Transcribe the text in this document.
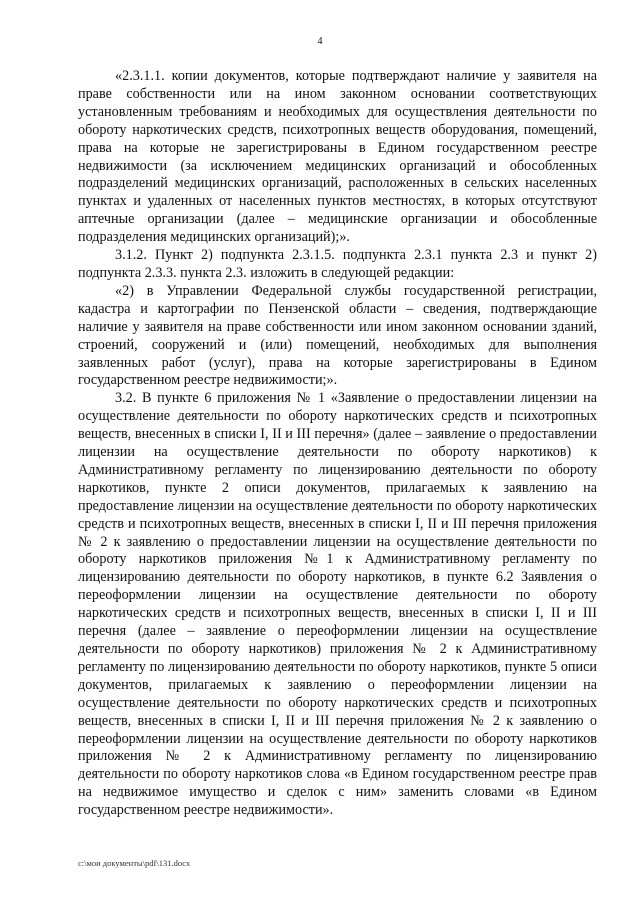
4

«2.3.1.1. копии документов, которые подтверждают наличие у заявителя на праве собственности или на ином законном основании соответствующих установленным требованиям и необходимых для осуществления деятельности по обороту наркотических средств, психотропных веществ оборудования, помещений, права на которые не зарегистрированы в Едином государственном реестре недвижимости (за исключением медицинских организаций и обособленных подразделений медицинских организаций, расположенных в сельских населенных пунктах и удаленных от населенных пунктов местностях, в которых отсутствуют аптечные организации (далее – медицинские организации и обособленные подразделения медицинских организаций);».

3.1.2. Пункт 2) подпункта 2.3.1.5. подпункта 2.3.1 пункта 2.3 и пункт 2) подпункта 2.3.3. пункта 2.3. изложить в следующей редакции:

«2) в Управлении Федеральной службы государственной регистрации, кадастра и картографии по Пензенской области – сведения, подтверждающие наличие у заявителя на праве собственности или ином законном основании зданий, строений, сооружений и (или) помещений, необходимых для выполнения заявленных работ (услуг), права на которые зарегистрированы в Едином государственном реестре недвижимости;».

3.2. В пункте 6 приложения № 1 «Заявление о предоставлении лицензии на осуществление деятельности по обороту наркотических средств и психотропных веществ, внесенных в списки I, II и III перечня» (далее – заявление о предоставлении лицензии на осуществление деятельности по обороту наркотиков) к Административному регламенту по лицензированию деятельности по обороту наркотиков, пункте 2 описи документов, прилагаемых к заявлению на предоставление лицензии на осуществление деятельности по обороту наркотических средств и психотропных веществ, внесенных в списки I, II и III перечня приложения № 2 к заявлению о предоставлении лицензии на осуществление деятельности по обороту наркотиков приложения №1 к Административному регламенту по лицензированию деятельности по обороту наркотиков, в пункте 6.2 Заявления о переоформлении лицензии на осуществление деятельности по обороту наркотических средств и психотропных веществ, внесенных в списки I, II и III перечня (далее – заявление о переоформлении лицензии на осуществление деятельности по обороту наркотиков) приложения № 2 к Административному регламенту по лицензированию деятельности по обороту наркотиков, пункте 5 описи документов, прилагаемых к заявлению о переоформлении лицензии на осуществление деятельности по обороту наркотических средств и психотропных веществ, внесенных в списки I, II и III перечня приложения № 2 к заявлению о переоформлении лицензии на осуществление деятельности по обороту наркотиков приложения № 2 к Административному регламенту по лицензированию деятельности по обороту наркотиков слова «в Едином государственном реестре прав на недвижимое имущество и сделок с ним» заменить словами «в Едином государственном реестре недвижимости».

c:\мои документы\pdf\131.docx
